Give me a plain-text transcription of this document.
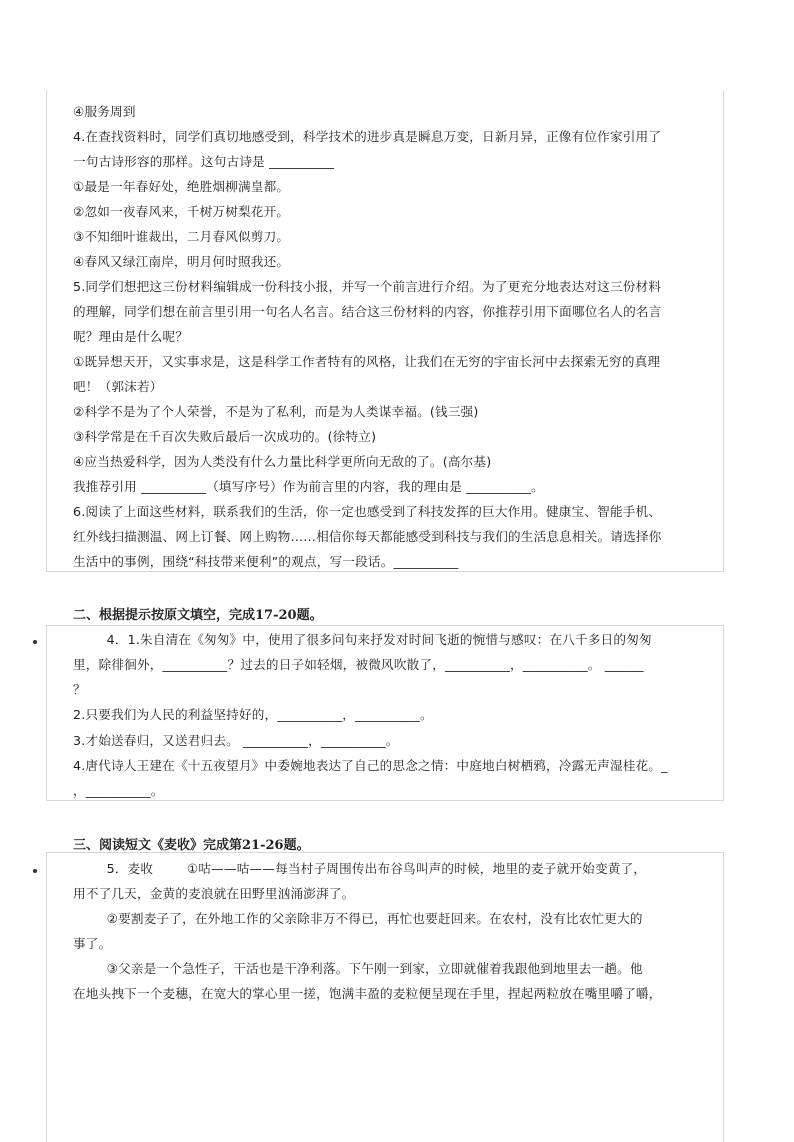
④服务周到
4.在查找资料时，同学们真切地感受到，科学技术的进步真是瞬息万变，日新月异，正像有位作家引用了
一句古诗形容的那样。这句古诗是 __________
①最是一年春好处，绝胜烟柳满皇都。
②忽如一夜春风来，千树万树梨花开。
③不知细叶谁裁出，二月春风似剪刀。
④春风又绿江南岸，明月何时照我还。
5.同学们想把这三份材料编辑成一份科技小报，并写一个前言进行介绍。为了更充分地表达对这三份材料
的理解，同学们想在前言里引用一句名人名言。结合这三份材料的内容，你推荐引用下面哪位名人的名言
呢？理由是什么呢？
①既异想天开，又实事求是，这是科学工作者特有的风格，让我们在无穷的宇宙长河中去探索无穷的真理
吧！（郭沫若）
②科学不是为了个人荣誉，不是为了私利，而是为人类谋幸福。(钱三强)
③科学常是在千百次失败后最后一次成功的。(徐特立)
④应当热爱科学，因为人类没有什么力量比科学更所向无敌的了。(高尔基)
我推荐引用 __________（填写序号）作为前言里的内容，我的理由是 __________。
6.阅读了上面这些材料，联系我们的生活，你一定也感受到了科技发挥的巨大作用。健康宝、智能手机、
红外线扫描测温、网上订餐、网上购物……相信你每天都能感受到科技与我们的生活息息相关。请选择你
生活中的事例，围绕“科技带来便利”的观点，写一段话。__________
二、根据提示按原文填空，完成17-20题。
4．1.朱自清在《匆匆》中，使用了很多问句来抒发对时间飞逝的惋惜与感叹：在八千多日的匆匆
里，除徘徊外，__________？过去的日子如轻烟，被微风吹散了，__________，__________。 ______
？
2.只要我们为人民的利益坚持好的，__________，__________。
3.才始送春归，又送君归去。 __________，__________。
4.唐代诗人王建在《十五夜望月》中委婉地表达了自己的思念之情：中庭地白树栖鸦，冷露无声湿桂花。_
，__________。
三、阅读短文《麦收》完成第21-26题。
5．麦收        ①咕——咕——每当村子周围传出布谷鸟叫声的时候，地里的麦子就开始变黄了，
用不了几天，金黄的麦浪就在田野里汹涌澎湃了。
②要割麦子了，在外地工作的父亲除非万不得已，再忙也要赶回来。在农村，没有比农忙更大的
事了。
③父亲是一个急性子，干活也是干净利落。下午刚一到家，立即就催着我跟他到地里去一趟。他
在地头拽下一个麦穗，在宽大的掌心里一搓，饱满丰盈的麦粒便呈现在手里，捏起两粒放在嘴里嚼了嚼，
